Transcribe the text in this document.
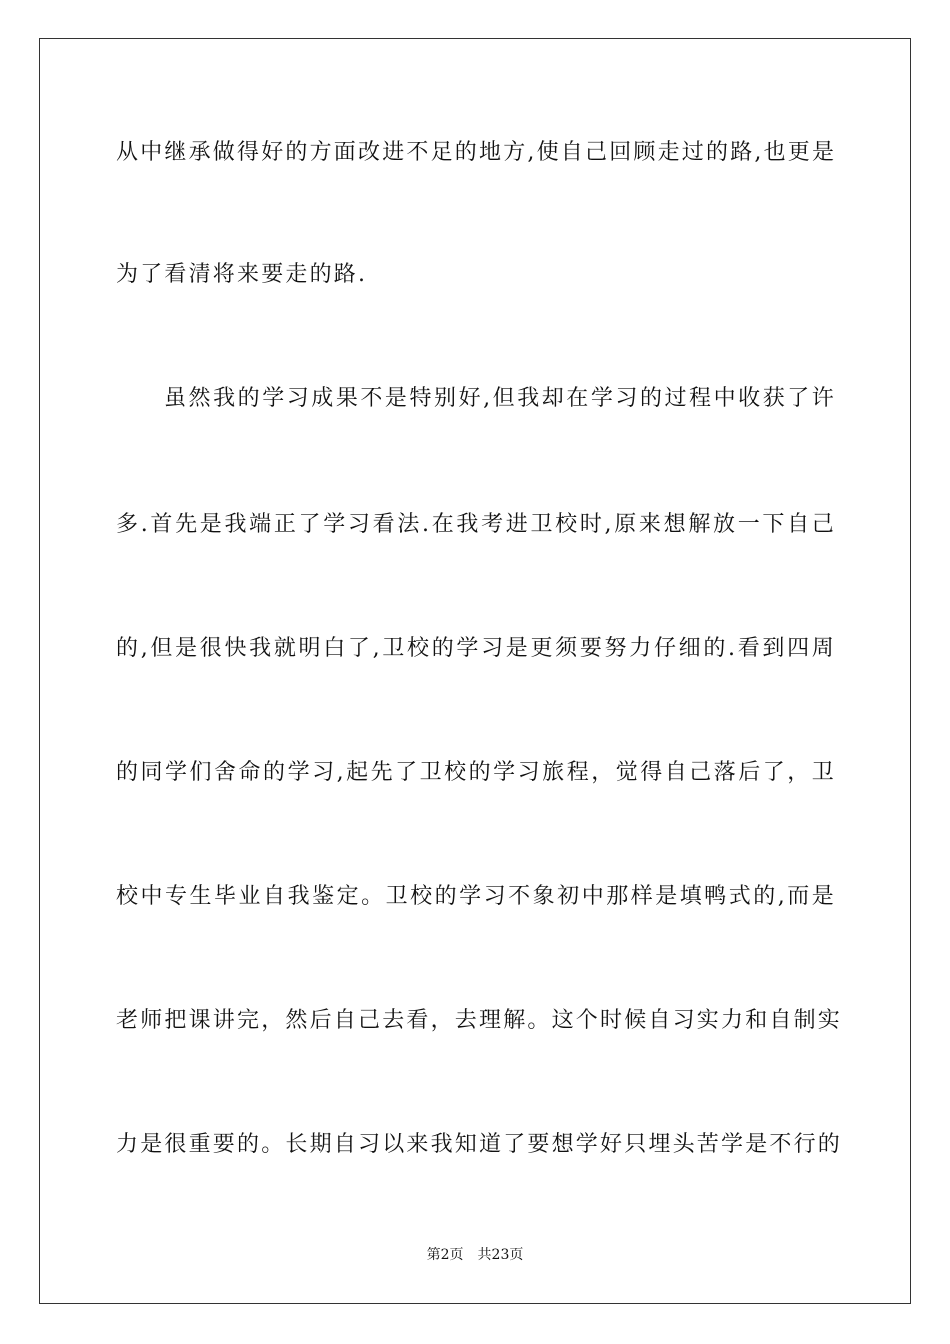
从中继承做得好的方面改进不足的地方,使自己回顾走过的路,也更是
为了看清将来要走的路.
虽然我的学习成果不是特别好,但我却在学习的过程中收获了许
多.首先是我端正了学习看法.在我考进卫校时,原来想解放一下自己
的,但是很快我就明白了,卫校的学习是更须要努力仔细的.看到四周
的同学们舍命的学习,起先了卫校的学习旅程，觉得自己落后了，卫
校中专生毕业自我鉴定。卫校的学习不象初中那样是填鸭式的,而是
老师把课讲完，然后自己去看，去理解。这个时候自习实力和自制实
力是很重要的。长期自习以来我知道了要想学好只埋头苦学是不行的
第2页 共23页
